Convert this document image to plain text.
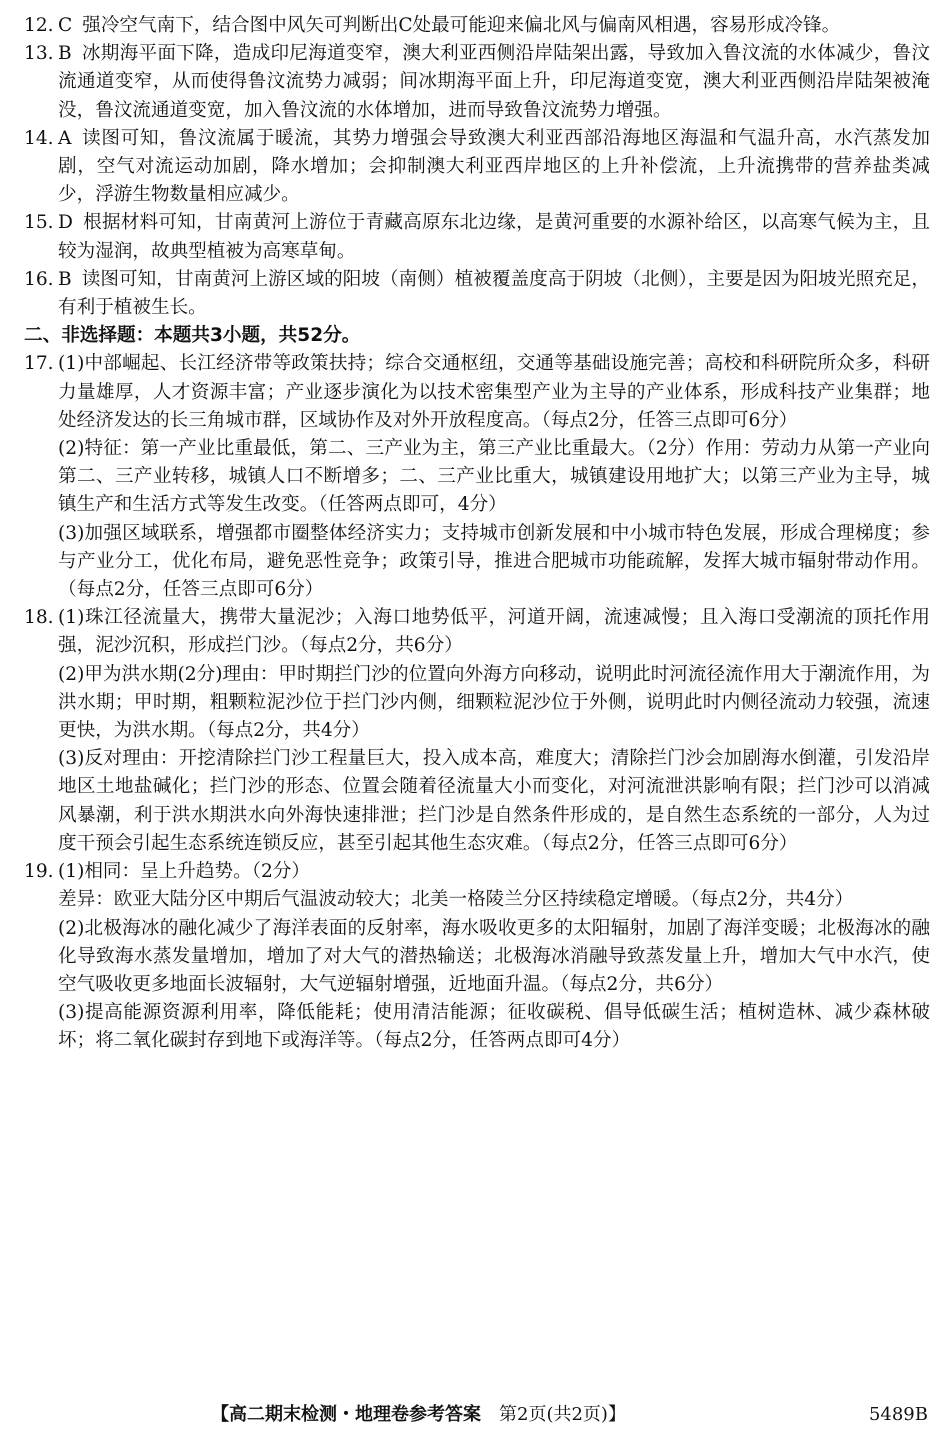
12. C 强冷空气南下，结合图中风矢可判断出C处最可能迎来偏北风与偏南风相遇，容易形成冷锋。
13. B 冰期海平面下降，造成印尼海道变窄，澳大利亚西侧沿岸陆架出露，导致加入鲁汶流的水体减少，鲁汶流通道变窄，从而使得鲁汶流势力减弱；间冰期海平面上升，印尼海道变宽，澳大利亚西侧沿岸陆架被淹没，鲁汶流通道变宽，加入鲁汶流的水体增加，进而导致鲁汶流势力增强。
14. A 读图可知，鲁汶流属于暖流，其势力增强会导致澳大利亚西部沿海地区海温和气温升高，水汽蒸发加剧，空气对流运动加剧，降水增加；会抑制澳大利亚西岸地区的上升补偿流，上升流携带的营养盐类减少，浮游生物数量相应减少。
15. D 根据材料可知，甘南黄河上游位于青藏高原东北边缘，是黄河重要的水源补给区，以高寒气候为主，且较为湿润，故典型植被为高寒草甸。
16. B 读图可知，甘南黄河上游区域的阳坡（南侧）植被覆盖度高于阴坡（北侧），主要是因为阳坡光照充足，有利于植被生长。
二、非选择题：本题共3小题，共52分。
17. (1)中部崛起、长江经济带等政策扶持；综合交通枢纽，交通等基础设施完善；高校和科研院所众多，科研力量雄厚，人才资源丰富；产业逐步演化为以技术密集型产业为主导的产业体系，形成科技产业集群；地处经济发达的长三角城市群，区域协作及对外开放程度高。（每点2分，任答三点即可6分）
(2)特征：第一产业比重最低，第二、三产业为主，第三产业比重最大。（2分）作用：劳动力从第一产业向第二、三产业转移，城镇人口不断增多；二、三产业比重大，城镇建设用地扩大；以第三产业为主导，城镇生产和生活方式等发生改变。（任答两点即可，4分）
(3)加强区域联系，增强都市圈整体经济实力；支持城市创新发展和中小城市特色发展，形成合理梯度；参与产业分工，优化布局，避免恶性竞争；政策引导，推进合肥城市功能疏解，发挥大城市辐射带动作用。（每点2分，任答三点即可6分）
18. (1)珠江径流量大，携带大量泥沙；入海口地势低平，河道开阔，流速减慢；且入海口受潮流的顶托作用强，泥沙沉积，形成拦门沙。（每点2分，共6分）
(2)甲为洪水期(2分)理由：甲时期拦门沙的位置向外海方向移动，说明此时河流径流作用大于潮流作用，为洪水期；甲时期，粗颗粒泥沙位于拦门沙内侧，细颗粒泥沙位于外侧，说明此时内侧径流动力较强，流速更快，为洪水期。（每点2分，共4分）
(3)反对理由：开挖清除拦门沙工程量巨大，投入成本高，难度大；清除拦门沙会加剧海水倒灌，引发沿岸地区土地盐碱化；拦门沙的形态、位置会随着径流量大小而变化，对河流泄洪影响有限；拦门沙可以消减风暴潮，利于洪水期洪水向外海快速排泄；拦门沙是自然条件形成的，是自然生态系统的一部分，人为过度干预会引起生态系统连锁反应，甚至引起其他生态灾难。（每点2分，任答三点即可6分）
19. (1)相同：呈上升趋势。（2分）
差异：欧亚大陆分区中期后气温波动较大；北美一格陵兰分区持续稳定增暖。（每点2分，共4分）
(2)北极海冰的融化减少了海洋表面的反射率，海水吸收更多的太阳辐射，加剧了海洋变暖；北极海冰的融化导致海水蒸发量增加，增加了对大气的潜热输送；北极海冰消融导致蒸发量上升，增加大气中水汽，使空气吸收更多地面长波辐射，大气逆辐射增强，近地面升温。（每点2分，共6分）
(3)提高能源资源利用率，降低能耗；使用清洁能源；征收碳税、倡导低碳生活；植树造林、减少森林破坏；将二氧化碳封存到地下或海洋等。（每点2分，任答两点即可4分）
【高二期末检测・地理卷参考答案 第2页(共2页)】	5489B
